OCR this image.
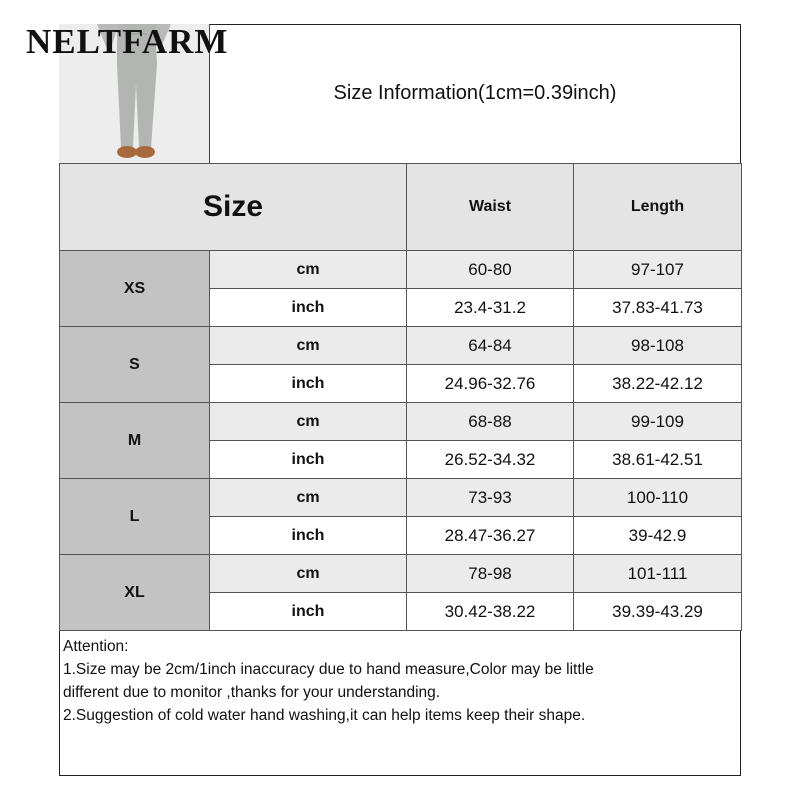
NELTFARM
Size Information(1cm=0.39inch)
Size		Waist	Length
XS	cm	60-80	97-107
	inch	23.4-31.2	37.83-41.73
S	cm	64-84	98-108
	inch	24.96-32.76	38.22-42.12
M	cm	68-88	99-109
	inch	26.52-34.32	38.61-42.51
L	cm	73-93	100-110
	inch	28.47-36.27	39-42.9
XL	cm	78-98	101-111
	inch	30.42-38.22	39.39-43.29
Attention:
1.Size may be 2cm/1inch inaccuracy due to hand measure,Color may be little
different due to monitor ,thanks for your understanding.
2.Suggestion of cold water hand washing,it can help items keep their shape.
